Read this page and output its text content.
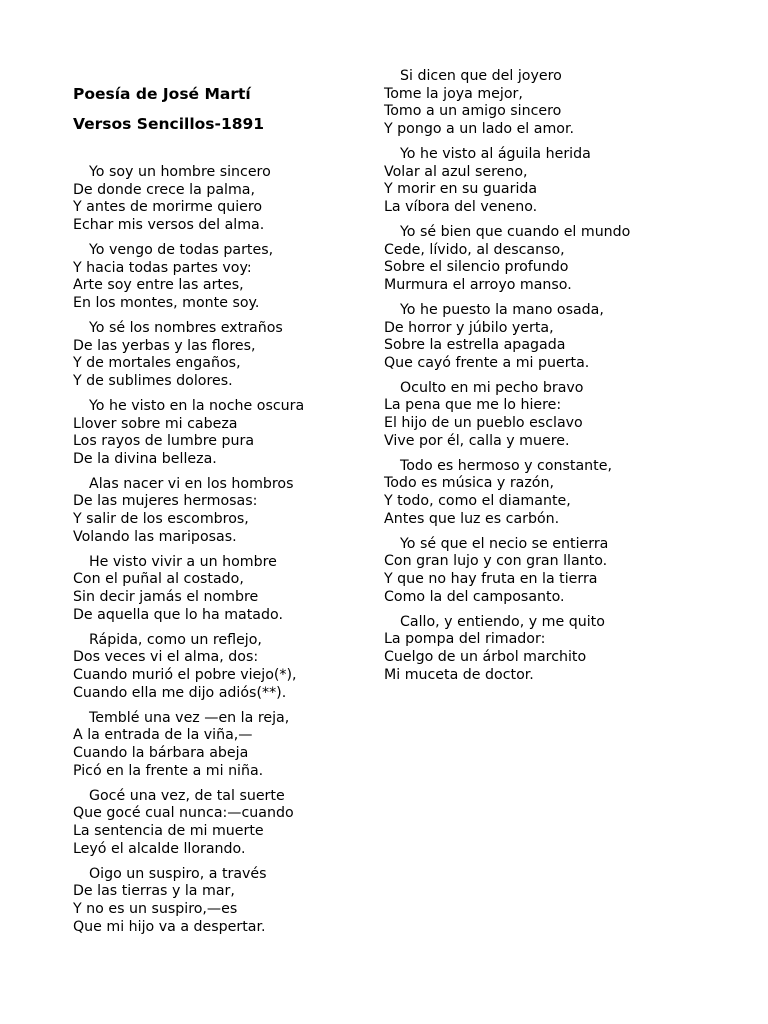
Poesía de José Martí
Versos Sencillos-1891
Yo soy un hombre sincero
De donde crece la palma,
Y antes de morirme quiero
Echar mis versos del alma.
Yo vengo de todas partes,
Y hacia todas partes voy:
Arte soy entre las artes,
En los montes, monte soy.
Yo sé los nombres extraños
De las yerbas y las flores,
Y de mortales engaños,
Y de sublimes dolores.
Yo he visto en la noche oscura
Llover sobre mi cabeza
Los rayos de lumbre pura
De la divina belleza.
Alas nacer vi en los hombros
De las mujeres hermosas:
Y salir de los escombros,
Volando las mariposas.
He visto vivir a un hombre
Con el puñal al costado,
Sin decir jamás el nombre
De aquella que lo ha matado.
Rápida, como un reflejo,
Dos veces vi el alma, dos:
Cuando murió el pobre viejo(*),
Cuando ella me dijo adiós(**).
Temblé una vez —en la reja,
A la entrada de la viña,—
Cuando la bárbara abeja
Picó en la frente a mi niña.
Gocé una vez, de tal suerte
Que gocé cual nunca:—cuando
La sentencia de mi muerte
Leyó el alcalde llorando.
Oigo un suspiro, a través
De las tierras y la mar,
Y no es un suspiro,—es
Que mi hijo va a despertar.
Si dicen que del joyero
Tome la joya mejor,
Tomo a un amigo sincero
Y pongo a un lado el amor.
Yo he visto al águila herida
Volar al azul sereno,
Y morir en su guarida
La víbora del veneno.
Yo sé bien que cuando el mundo
Cede, lívido, al descanso,
Sobre el silencio profundo
Murmura el arroyo manso.
Yo he puesto la mano osada,
De horror y júbilo yerta,
Sobre la estrella apagada
Que cayó frente a mi puerta.
Oculto en mi pecho bravo
La pena que me lo hiere:
El hijo de un pueblo esclavo
Vive por él, calla y muere.
Todo es hermoso y constante,
Todo es música y razón,
Y todo, como el diamante,
Antes que luz es carbón.
Yo sé que el necio se entierra
Con gran lujo y con gran llanto.
Y que no hay fruta en la tierra
Como la del camposanto.
Callo, y entiendo, y me quito
La pompa del rimador:
Cuelgo de un árbol marchito
Mi muceta de doctor.
